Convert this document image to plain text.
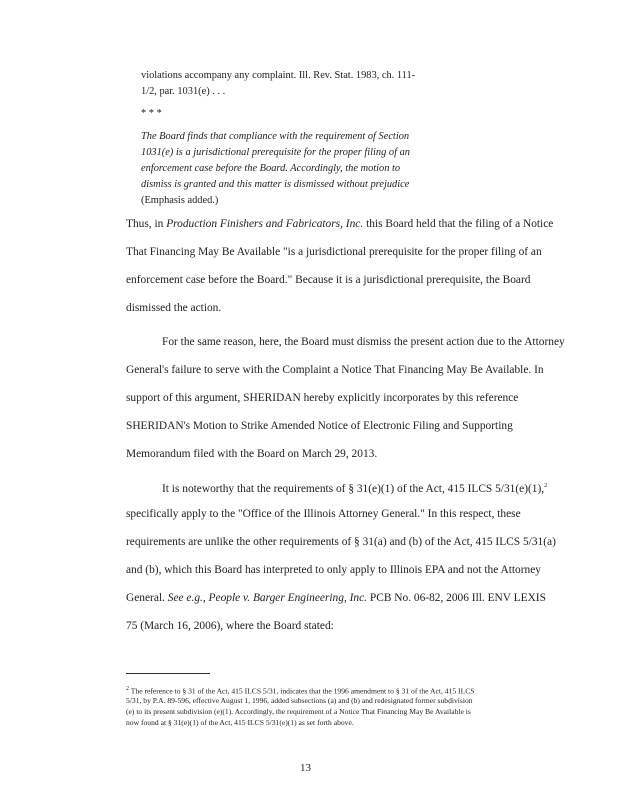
violations accompany any complaint. Ill. Rev. Stat. 1983, ch. 111-
1/2, par. 1031(e) . . .
* * *
The Board finds that compliance with the requirement of Section
1031(e) is a jurisdictional prerequisite for the proper filing of an
enforcement case before the Board. Accordingly, the motion to
dismiss is granted and this matter is dismissed without prejudice
(Emphasis added.)
Thus, in Production Finishers and Fabricators, Inc. this Board held that the filing of a Notice
That Financing May Be Available "is a jurisdictional prerequisite for the proper filing of an
enforcement case before the Board." Because it is a jurisdictional prerequisite, the Board
dismissed the action.
For the same reason, here, the Board must dismiss the present action due to the Attorney
General's failure to serve with the Complaint a Notice That Financing May Be Available. In
support of this argument, SHERIDAN hereby explicitly incorporates by this reference
SHERIDAN's Motion to Strike Amended Notice of Electronic Filing and Supporting
Memorandum filed with the Board on March 29, 2013.
It is noteworthy that the requirements of § 31(e)(1) of the Act, 415 ILCS 5/31(e)(1),$^2$
specifically apply to the "Office of the Illinois Attorney General." In this respect, these
requirements are unlike the other requirements of § 31(a) and (b) of the Act, 415 ILCS 5/31(a)
and (b), which this Board has interpreted to only apply to Illinois EPA and not the Attorney
General. See e.g., People v. Barger Engineering, Inc. PCB No. 06-82, 2006 Ill. ENV LEXIS
75 (March 16, 2006), where the Board stated:
$^2$ The reference to § 31 of the Act, 415 ILCS 5/31, indicates that the 1996 amendment to § 31 of the Act, 415 ILCS
5/31, by P.A. 89-596, effective August 1, 1996, added subsections (a) and (b) and redesignated former subdivision
(e) to its present subdivision (e)(1). Accordingly, the requirement of a Notice That Financing May Be Available is
now found at § 31(e)(1) of the Act, 415 ILCS 5/31(e)(1) as set forth above.
13
